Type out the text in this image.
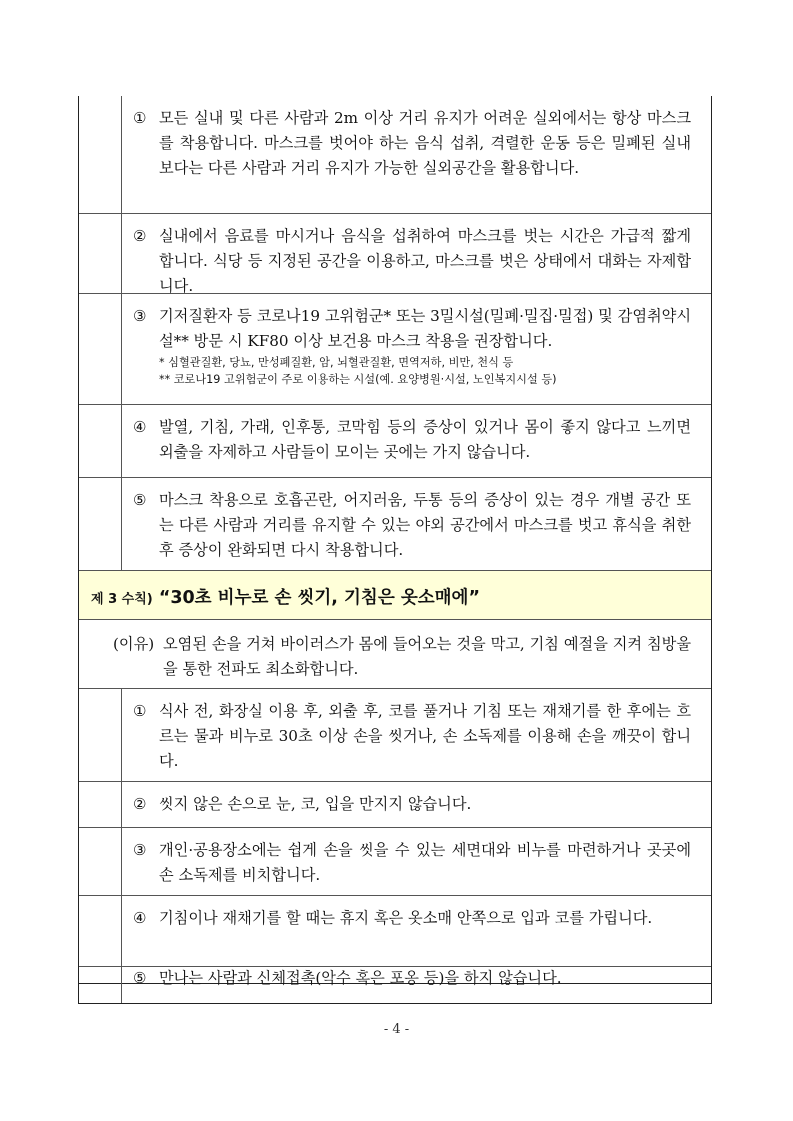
① 모든 실내 및 다른 사람과 2m 이상 거리 유지가 어려운 실외에서는 항상 마스크를 착용합니다. 마스크를 벗어야 하는 음식 섭취, 격렬한 운동 등은 밀폐된 실내보다는 다른 사람과 거리 유지가 가능한 실외공간을 활용합니다.
② 실내에서 음료를 마시거나 음식을 섭취하여 마스크를 벗는 시간은 가급적 짧게 합니다. 식당 등 지정된 공간을 이용하고, 마스크를 벗은 상태에서 대화는 자제합니다.
③ 기저질환자 등 코로나19 고위험군* 또는 3밀시설(밀폐·밀집·밀접) 및 감염취약시설** 방문 시 KF80 이상 보건용 마스크 착용을 권장합니다.
* 심혈관질환, 당뇨, 만성폐질환, 암, 뇌혈관질환, 면역저하, 비만, 천식 등
** 코로나19 고위험군이 주로 이용하는 시설(예. 요양병원·시설, 노인복지시설 등)
④ 발열, 기침, 가래, 인후통, 코막힘 등의 증상이 있거나 몸이 좋지 않다고 느끼면 외출을 자제하고 사람들이 모이는 곳에는 가지 않습니다.
⑤ 마스크 착용으로 호흡곤란, 어지러움, 두통 등의 증상이 있는 경우 개별 공간 또는 다른 사람과 거리를 유지할 수 있는 야외 공간에서 마스크를 벗고 휴식을 취한 후 증상이 완화되면 다시 착용합니다.
제 3 수칙) “30초 비누로 손 씻기, 기침은 옷소매에”
(이유) 오염된 손을 거쳐 바이러스가 몸에 들어오는 것을 막고, 기침 예절을 지켜 침방울을 통한 전파도 최소화합니다.
① 식사 전, 화장실 이용 후, 외출 후, 코를 풀거나 기침 또는 재채기를 한 후에는 흐르는 물과 비누로 30초 이상 손을 씻거나, 손 소독제를 이용해 손을 깨끗이 합니다.
② 씻지 않은 손으로 눈, 코, 입을 만지지 않습니다.
③ 개인·공용장소에는 쉽게 손을 씻을 수 있는 세면대와 비누를 마련하거나 곳곳에 손 소독제를 비치합니다.
④ 기침이나 재채기를 할 때는 휴지 혹은 옷소매 안쪽으로 입과 코를 가립니다.
⑤ 만나는 사람과 신체접촉(악수 혹은 포옹 등)을 하지 않습니다.
- 4 -
